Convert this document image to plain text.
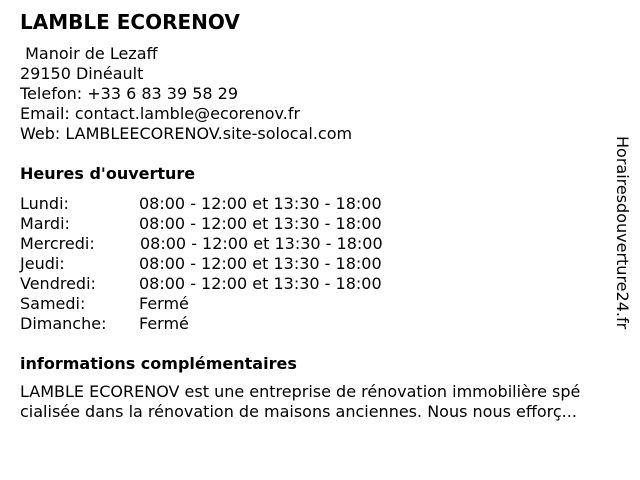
LAMBLE ECORENOV
Manoir de Lezaff
29150 Dinéault
Telefon: +33 6 83 39 58 29
Email: contact.lamble@ecorenov.fr
Web: LAMBLEECORENOV.site-solocal.com
Heures d'ouverture
Lundi:	08:00 - 12:00 et 13:30 - 18:00
Mardi:	08:00 - 12:00 et 13:30 - 18:00
Mercredi:	08:00 - 12:00 et 13:30 - 18:00
Jeudi:	08:00 - 12:00 et 13:30 - 18:00
Vendredi:	08:00 - 12:00 et 13:30 - 18:00
Samedi:	Fermé
Dimanche:	Fermé
informations complémentaires
LAMBLE ECORENOV est une entreprise de rénovation immobilière spé
cialisée dans la rénovation de maisons anciennes. Nous nous efforç...
Horairesdouverture24.fr
